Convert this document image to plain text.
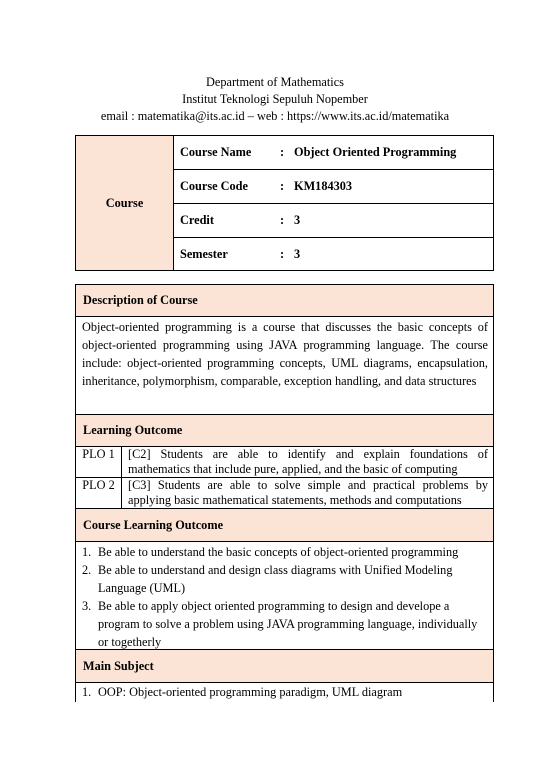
Department of Mathematics
Institut Teknologi Sepuluh Nopember
email : matematika@its.ac.id – web : https://www.its.ac.id/matematika
Course	
Course Name	: Object Oriented Programming

Course Code	: KM184303

Credit	: 3

Semester	: 3
Description of Course
Object-oriented programming is a course that discusses the basic concepts of object-oriented programming using JAVA programming language. The course include: object-oriented programming concepts, UML diagrams, encapsulation, inheritance, polymorphism, comparable, exception handling, and data structures
Learning Outcome
PLO 1	[C2] Students are able to identify and explain foundations of mathematics that include pure, applied, and the basic of computing
PLO 2	[C3] Students are able to solve simple and practical problems by applying basic mathematical statements, methods and computations
Course Learning Outcome
1. Be able to understand the basic concepts of object-oriented programming
2. Be able to understand and design class diagrams with Unified Modeling Language (UML)
3. Be able to apply object oriented programming to design and develope a program to solve a problem using JAVA programming language, individually or togetherly
Main Subject
1. OOP: Object-oriented programming paradigm, UML diagram
